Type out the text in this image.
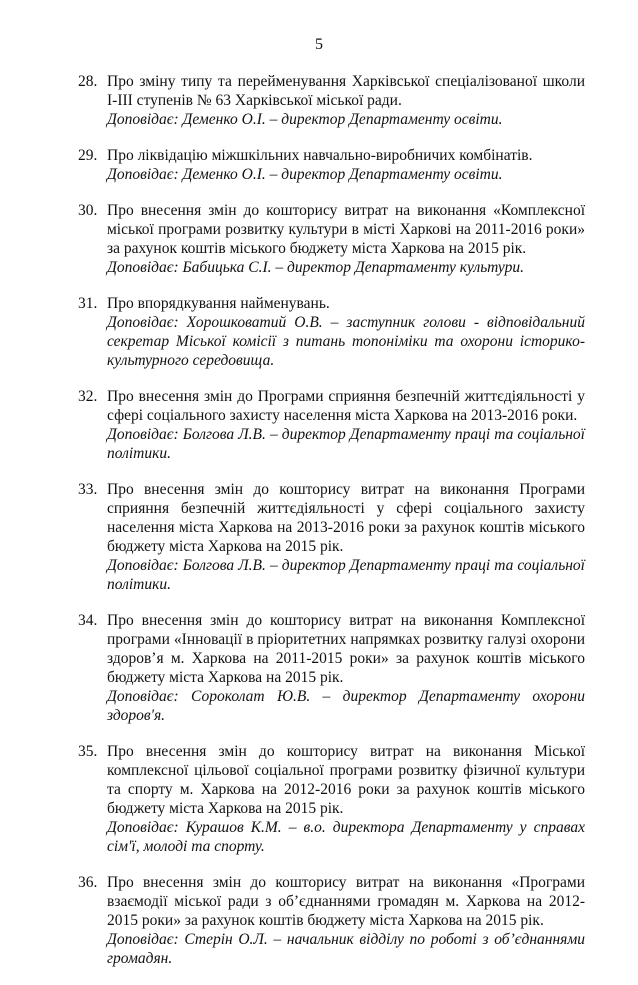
5
28. Про зміну типу та перейменування Харківської спеціалізованої школи I-III ступенів № 63 Харківської міської ради.
Доповідає: Деменко О.І. – директор Департаменту освіти.
29. Про ліквідацію міжшкільних навчально-виробничих комбінатів.
Доповідає: Деменко О.І. – директор Департаменту освіти.
30. Про внесення змін до кошторису витрат на виконання «Комплексної міської програми розвитку культури в місті Харкові на 2011-2016 роки» за рахунок коштів міського бюджету міста Харкова на 2015 рік.
Доповідає: Бабицька С.І. – директор Департаменту культури.
31. Про впорядкування найменувань.
Доповідає: Хорошковатий О.В. – заступник голови - відповідальний секретар Міської комісії з питань топоніміки та охорони історико-культурного середовища.
32. Про внесення змін до Програми сприяння безпечній життєдіяльності у сфері соціального захисту населення міста Харкова на 2013-2016 роки.
Доповідає: Болгова Л.В. – директор Департаменту праці та соціальної політики.
33. Про внесення змін до кошторису витрат на виконання Програми сприяння безпечній життєдіяльності у сфері соціального захисту населення міста Харкова на 2013-2016 роки за рахунок коштів міського бюджету міста Харкова на 2015 рік.
Доповідає: Болгова Л.В. – директор Департаменту праці та соціальної політики.
34. Про внесення змін до кошторису витрат на виконання Комплексної програми «Інновації в пріоритетних напрямках розвитку галузі охорони здоров’я м. Харкова на 2011-2015 роки» за рахунок коштів міського бюджету міста Харкова на 2015 рік.
Доповідає: Сороколат Ю.В. – директор Департаменту охорони здоров'я.
35. Про внесення змін до кошторису витрат на виконання Міської комплексної цільової соціальної програми розвитку фізичної культури та спорту м. Харкова на 2012-2016 роки за рахунок коштів міського бюджету міста Харкова на 2015 рік.
Доповідає: Курашов К.М. – в.о. директора Департаменту у справах сім'ї, молоді та спорту.
36. Про внесення змін до кошторису витрат на виконання «Програми взаємодії міської ради з об’єднаннями громадян м. Харкова на 2012-2015 роки» за рахунок коштів бюджету міста Харкова на 2015 рік.
Доповідає: Стерін О.Л. – начальник відділу по роботі з об’єднаннями громадян.
